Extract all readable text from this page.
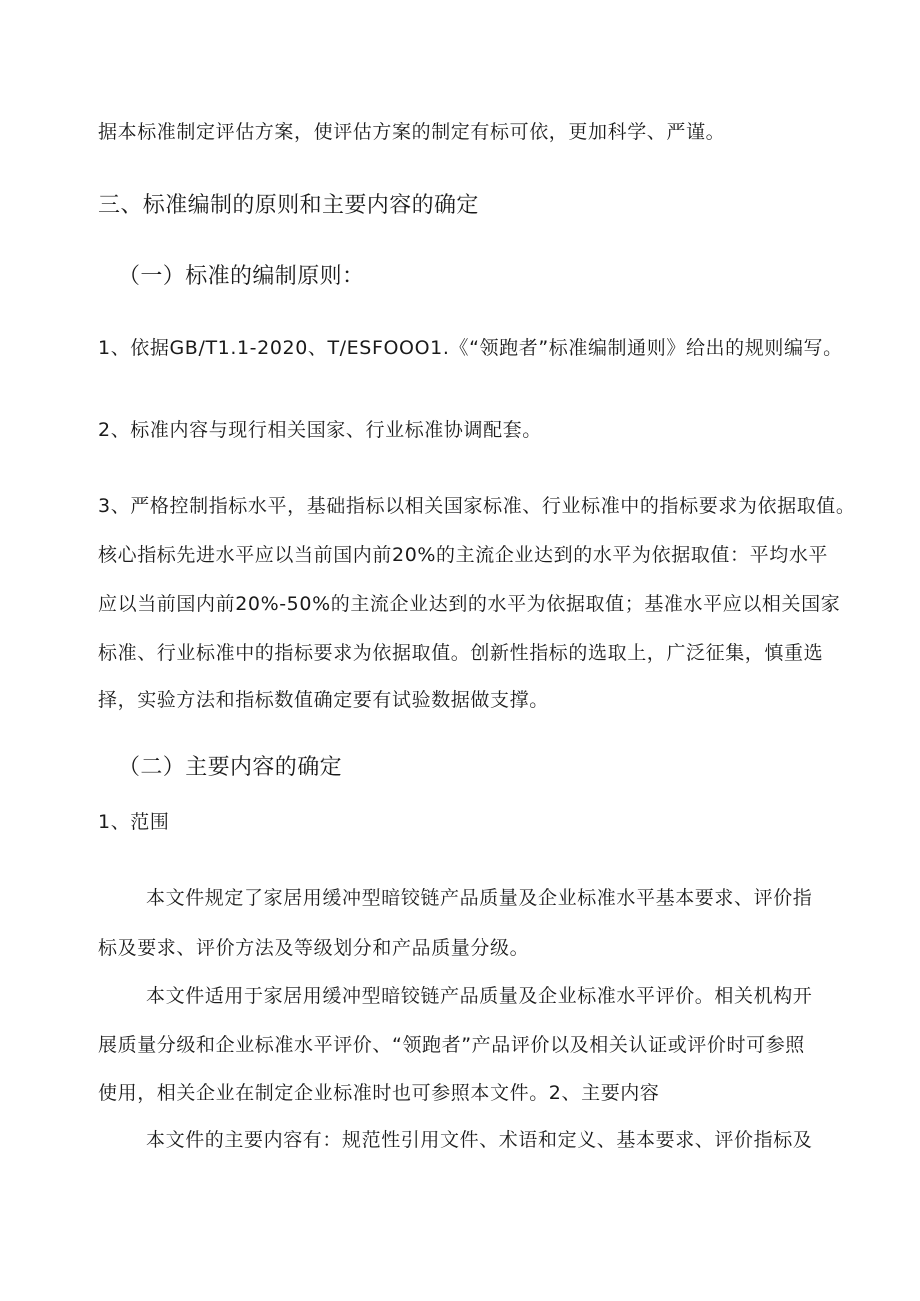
据本标准制定评估方案，使评估方案的制定有标可依，更加科学、严谨。
三、标准编制的原则和主要内容的确定
（一）标准的编制原则：
1、依据GB/T1.1-2020、T/ESFOOO1.《“领跑者”标准编制通则》给出的规则编写。
2、标准内容与现行相关国家、行业标准协调配套。
3、严格控制指标水平，基础指标以相关国家标准、行业标准中的指标要求为依据取值。
核心指标先进水平应以当前国内前20%的主流企业达到的水平为依据取值：平均水平
应以当前国内前20%-50%的主流企业达到的水平为依据取值；基准水平应以相关国家
标准、行业标准中的指标要求为依据取值。创新性指标的选取上，广泛征集，慎重选
择，实验方法和指标数值确定要有试验数据做支撑。
（二）主要内容的确定
1、范围
本文件规定了家居用缓冲型暗铰链产品质量及企业标准水平基本要求、评价指
标及要求、评价方法及等级划分和产品质量分级。
本文件适用于家居用缓冲型暗铰链产品质量及企业标准水平评价。相关机构开
展质量分级和企业标准水平评价、“领跑者”产品评价以及相关认证或评价时可参照
使用，相关企业在制定企业标准时也可参照本文件。2、主要内容
本文件的主要内容有：规范性引用文件、术语和定义、基本要求、评价指标及
